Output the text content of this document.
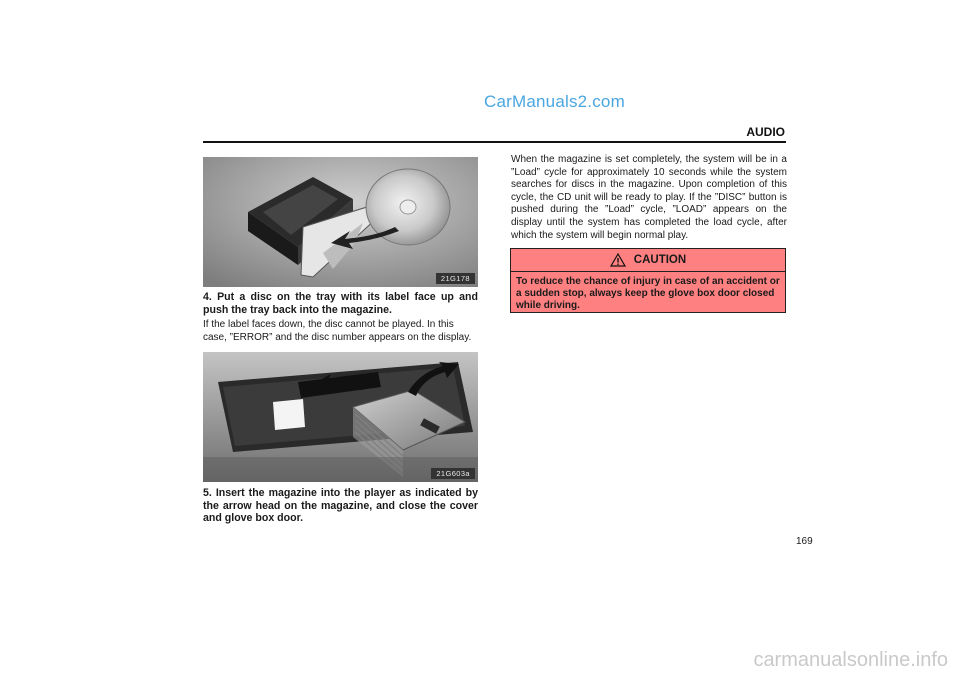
CarManuals2.com
AUDIO
21G178
4. Put a disc on the tray with its label face up and push the tray back into the magazine.
If the label faces down, the disc cannot be played. In this case, ”ERROR” and the disc number appears on the display.
21G603a
5. Insert the magazine into the player as indicated by the arrow head on the magazine, and close the cover and glove box door.
When the magazine is set completely, the system will be in a ”Load” cycle for approximately 10 seconds while the system searches for discs in the magazine. Upon completion of this cycle, the CD unit will be ready to play. If the ”DISC” button is pushed during the ”Load” cycle, ”LOAD” appears on the display until the system has completed the load cycle, after which the system will begin normal play.
CAUTION
To reduce the chance of injury in case of an accident or a sudden stop, always keep the glove box door closed while driving.
169
carmanualsonline.info
